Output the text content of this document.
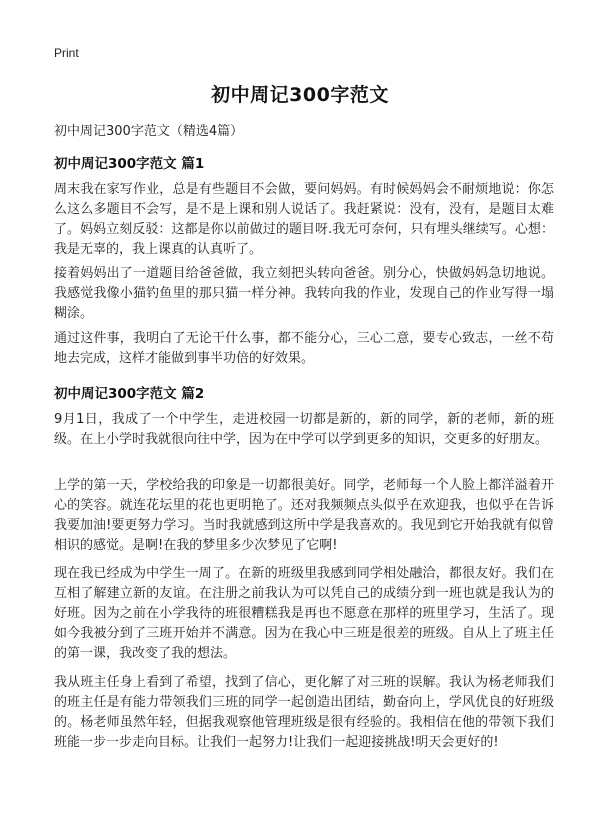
Print
初中周记300字范文
初中周记300字范文（精选4篇）
初中周记300字范文 篇1
周末我在家写作业，总是有些题目不会做，要问妈妈。有时候妈妈会不耐烦地说：你怎么这么多题目不会写，是不是上课和别人说话了。我赶紧说：没有，没有，是题目太难了。妈妈立刻反驳：这都是你以前做过的题目呀.我无可奈何，只有埋头继续写。心想：我是无辜的，我上课真的认真听了。
接着妈妈出了一道题目给爸爸做，我立刻把头转向爸爸。别分心，快做妈妈急切地说。我感觉我像小猫钓鱼里的那只猫一样分神。我转向我的作业，发现自己的作业写得一塌糊涂。
通过这件事，我明白了无论干什么事，都不能分心，三心二意，要专心致志，一丝不苟地去完成，这样才能做到事半功倍的好效果。
初中周记300字范文 篇2
9月1日，我成了一个中学生，走进校园一切都是新的，新的同学，新的老师，新的班级。在上小学时我就很向往中学，因为在中学可以学到更多的知识，交更多的好朋友。
上学的第一天，学校给我的印象是一切都很美好。同学，老师每一个人脸上都洋溢着开心的笑容。就连花坛里的花也更明艳了。还对我频频点头似乎在欢迎我，也似乎在告诉我要加油!要更努力学习。当时我就感到这所中学是我喜欢的。我见到它开始我就有似曾相识的感觉。是啊!在我的梦里多少次梦见了它啊!
现在我已经成为中学生一周了。在新的班级里我感到同学相处融洽，都很友好。我们在互相了解建立新的友谊。在注册之前我认为可以凭自己的成绩分到一班也就是我认为的好班。因为之前在小学我待的班很糟糕我是再也不愿意在那样的班里学习，生活了。现如今我被分到了三班开始并不满意。因为在我心中三班是很差的班级。自从上了班主任的第一课，我改变了我的想法。
我从班主任身上看到了希望，找到了信心，更化解了对三班的误解。我认为杨老师我们的班主任是有能力带领我们三班的同学一起创造出团结，勤奋向上，学风优良的好班级的。杨老师虽然年轻，但据我观察他管理班级是很有经验的。我相信在他的带领下我们班能一步一步走向目标。让我们一起努力!让我们一起迎接挑战!明天会更好的!
